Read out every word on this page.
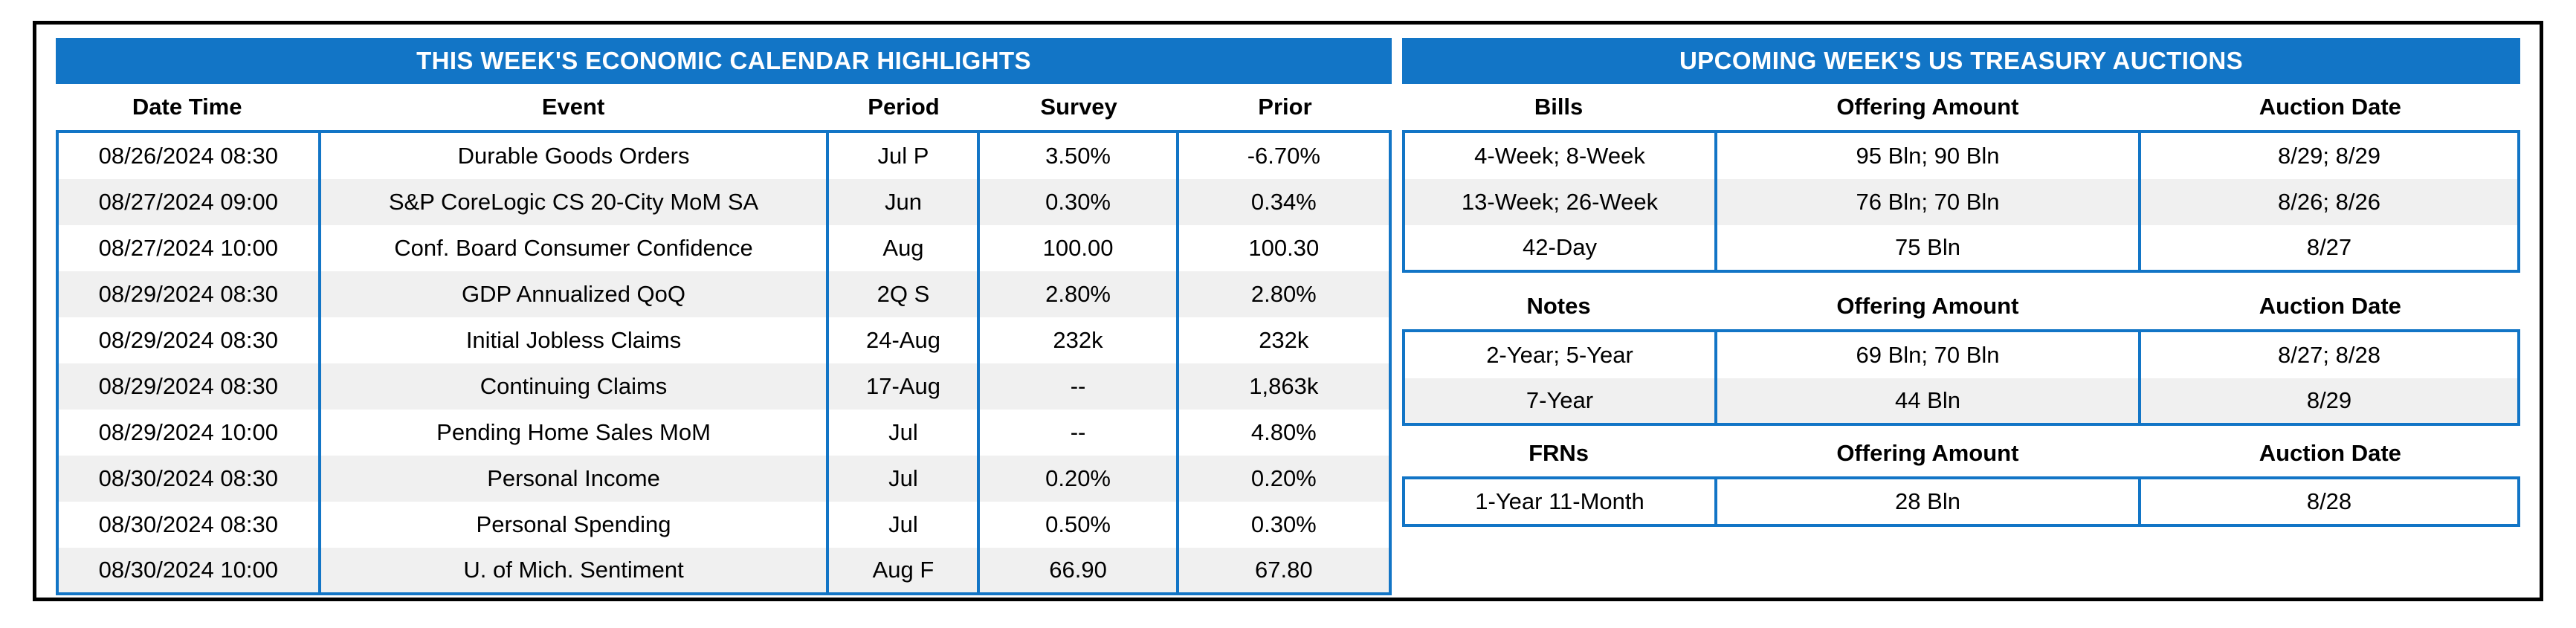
THIS WEEK'S ECONOMIC CALENDAR HIGHLIGHTS
Date Time	Event	Period	Survey	Prior
08/26/2024 08:30	Durable Goods Orders	Jul P	3.50%	-6.70%
08/27/2024 09:00	S&P CoreLogic CS 20-City MoM SA	Jun	0.30%	0.34%
08/27/2024 10:00	Conf. Board Consumer Confidence	Aug	100.00	100.30
08/29/2024 08:30	GDP Annualized QoQ	2Q S	2.80%	2.80%
08/29/2024 08:30	Initial Jobless Claims	24-Aug	232k	232k
08/29/2024 08:30	Continuing Claims	17-Aug	--	1,863k
08/29/2024 10:00	Pending Home Sales MoM	Jul	--	4.80%
08/30/2024 08:30	Personal Income	Jul	0.20%	0.20%
08/30/2024 08:30	Personal Spending	Jul	0.50%	0.30%
08/30/2024 10:00	U. of Mich. Sentiment	Aug F	66.90	67.80
UPCOMING WEEK'S US TREASURY AUCTIONS
Bills	Offering Amount	Auction Date
4-Week; 8-Week	95 Bln; 90 Bln	8/29; 8/29
13-Week; 26-Week	76 Bln; 70 Bln	8/26; 8/26
42-Day	75 Bln	8/27
Notes	Offering Amount	Auction Date
2-Year; 5-Year	69 Bln; 70 Bln	8/27; 8/28
7-Year	44 Bln	8/29
FRNs	Offering Amount	Auction Date
1-Year 11-Month	28 Bln	8/28
